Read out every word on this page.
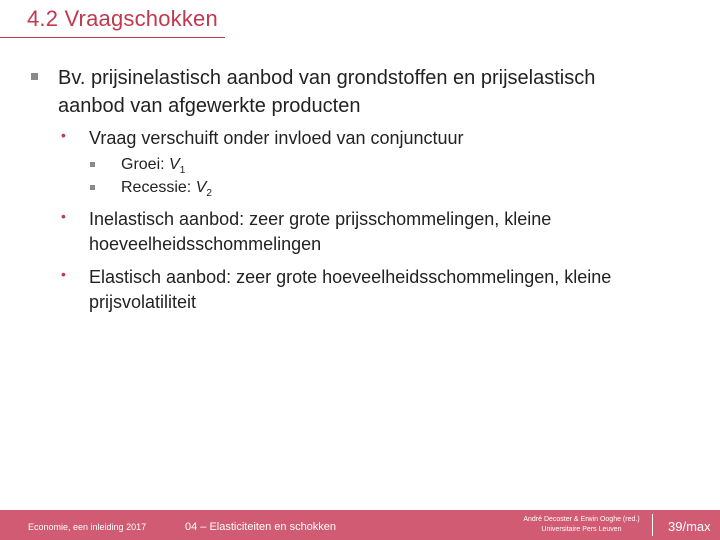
4.2 Vraagschokken
Bv. prijsinelastisch aanbod van grondstoffen en prijselastisch
aanbod van afgewerkte producten
• Vraag verschuift onder invloed van conjunctuur
Groei: $V_1$
Recessie: $V_2$
• Inelastisch aanbod: zeer grote prijsschommelingen, kleine
hoeveelheidsschommelingen
• Elastisch aanbod: zeer grote hoeveelheidsschommelingen, kleine
prijsvolatiliteit
Economie, een inleiding 2017	04 – Elasticiteiten en schokken
André Decoster & Erwin Ooghe (red.)
Universitaire Pers Leuven	39/max
